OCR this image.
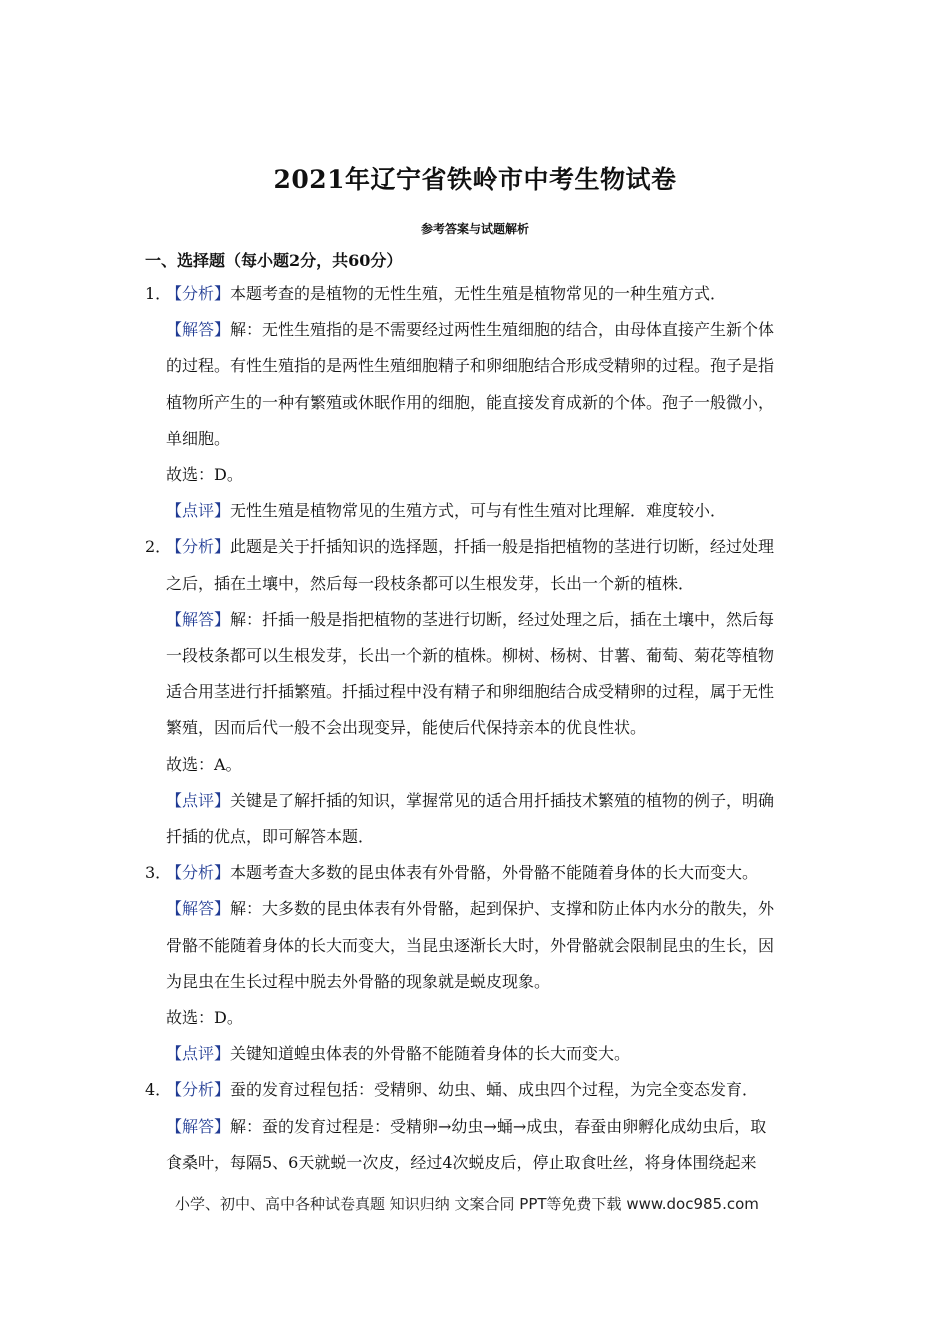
2021年辽宁省铁岭市中考生物试卷
参考答案与试题解析
一、选择题（每小题2分，共60分）

1．【分析】本题考查的是植物的无性生殖，无性生殖是植物常见的一种生殖方式．

【解答】解：无性生殖指的是不需要经过两性生殖细胞的结合，由母体直接产生新个体

的过程。有性生殖指的是两性生殖细胞精子和卵细胞结合形成受精卵的过程。孢子是指

植物所产生的一种有繁殖或休眠作用的细胞，能直接发育成新的个体。孢子一般微小，

单细胞。

故选：D。

【点评】无性生殖是植物常见的生殖方式，可与有性生殖对比理解．难度较小．

2．【分析】此题是关于扦插知识的选择题，扦插一般是指把植物的茎进行切断，经过处理

之后，插在土壤中，然后每一段枝条都可以生根发芽，长出一个新的植株．

【解答】解：扦插一般是指把植物的茎进行切断，经过处理之后，插在土壤中，然后每

一段枝条都可以生根发芽，长出一个新的植株。柳树、杨树、甘薯、葡萄、菊花等植物

适合用茎进行扦插繁殖。扦插过程中没有精子和卵细胞结合成受精卵的过程，属于无性

繁殖，因而后代一般不会出现变异，能使后代保持亲本的优良性状。

故选：A。

【点评】关键是了解扦插的知识，掌握常见的适合用扦插技术繁殖的植物的例子，明确

扦插的优点，即可解答本题．

3．【分析】本题考查大多数的昆虫体表有外骨骼，外骨骼不能随着身体的长大而变大。

【解答】解：大多数的昆虫体表有外骨骼，起到保护、支撑和防止体内水分的散失，外

骨骼不能随着身体的长大而变大，当昆虫逐渐长大时，外骨骼就会限制昆虫的生长，因

为昆虫在生长过程中脱去外骨骼的现象就是蜕皮现象。

故选：D。

【点评】关键知道蝗虫体表的外骨骼不能随着身体的长大而变大。

4．【分析】蚕的发育过程包括：受精卵、幼虫、蛹、成虫四个过程，为完全变态发育．

【解答】解：蚕的发育过程是：受精卵→幼虫→蛹→成虫，春蚕由卵孵化成幼虫后，取

食桑叶，每隔5、6天就蜕一次皮，经过4次蜕皮后，停止取食吐丝，将身体围绕起来

小学、初中、高中各种试卷真题 知识归纳 文案合同 PPT等免费下载 www.doc985.com
